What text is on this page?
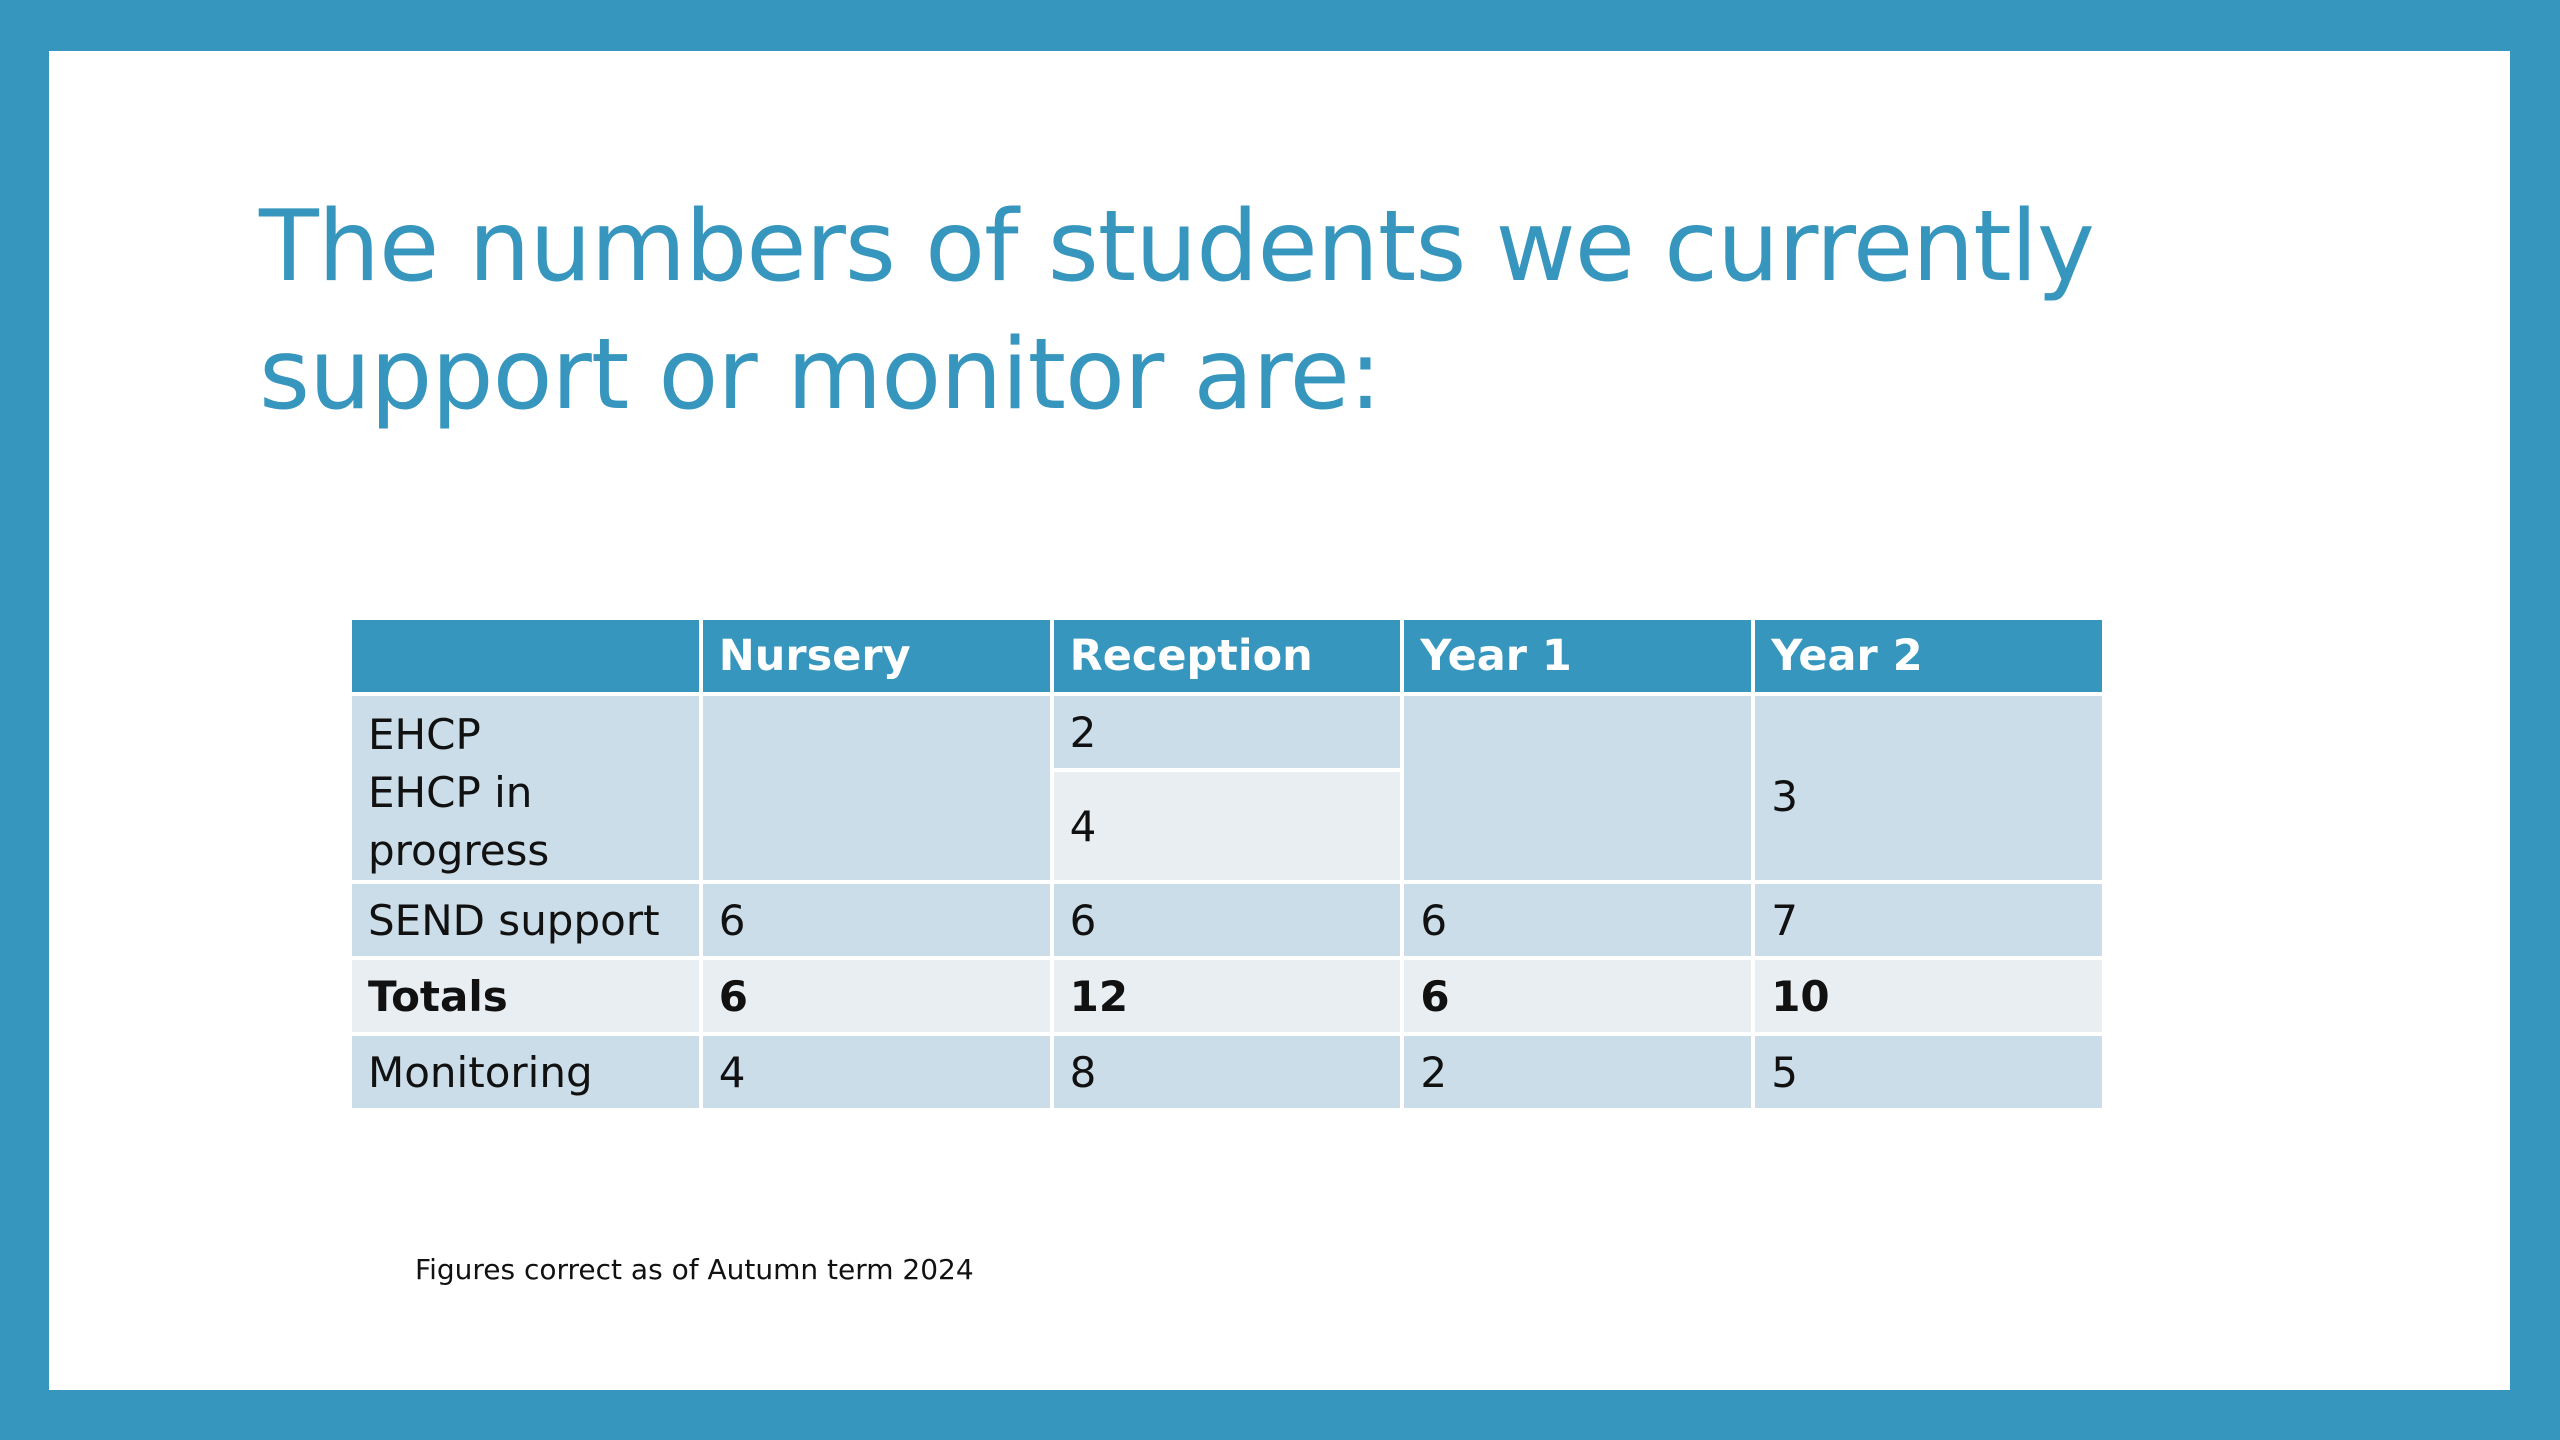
The numbers of students we currently support or monitor are:
	Nursery	Reception	Year 1	Year 2

EHCP
EHCP in progress		2		3
		4		
SEND support	6	6	6	7
Totals	6	12	6	10
Monitoring	4	8	2	5
Figures correct as of Autumn term 2024
